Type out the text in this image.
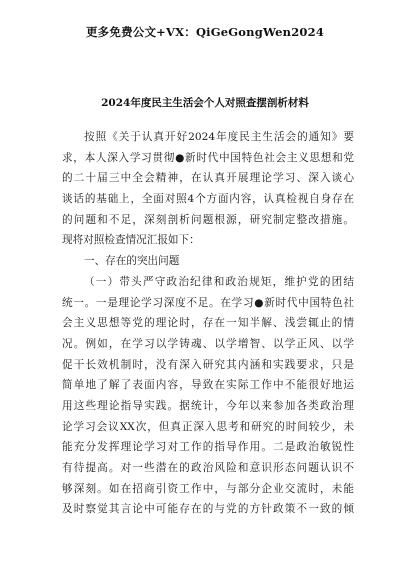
更多免费公文+VX：QiGeGongWen2024
2024年度民主生活会个人对照查摆剖析材料
按照《关于认真开好2024年度民主生活会的通知》要
求，本人深入学习贯彻●新时代中国特色社会主义思想和党
的二十届三中全会精神，在认真开展理论学习、深入谈心
谈话的基础上，全面对照4个方面内容，认真检视自身存在
的问题和不足，深刻剖析问题根源，研究制定整改措施。
现将对照检查情况汇报如下：
一、存在的突出问题
（一）带头严守政治纪律和政治规矩，维护党的团结
统一。一是理论学习深度不足。在学习●新时代中国特色社
会主义思想等党的理论时，存在一知半解、浅尝辄止的情
况。例如，在学习以学铸魂、以学增智、以学正风、以学
促干长效机制时，没有深入研究其内涵和实践要求，只是
简单地了解了表面内容，导致在实际工作中不能很好地运
用这些理论指导实践。据统计，今年以来参加各类政治理
论学习会议XX次，但真正深入思考和研究的时间较少，未
能充分发挥理论学习对工作的指导作用。二是政治敏锐性
有待提高。对一些潜在的政治风险和意识形态问题认识不
够深刻。如在招商引资工作中，与部分企业交流时，未能
及时察觉其言论中可能存在的与党的方针政策不一致的倾
